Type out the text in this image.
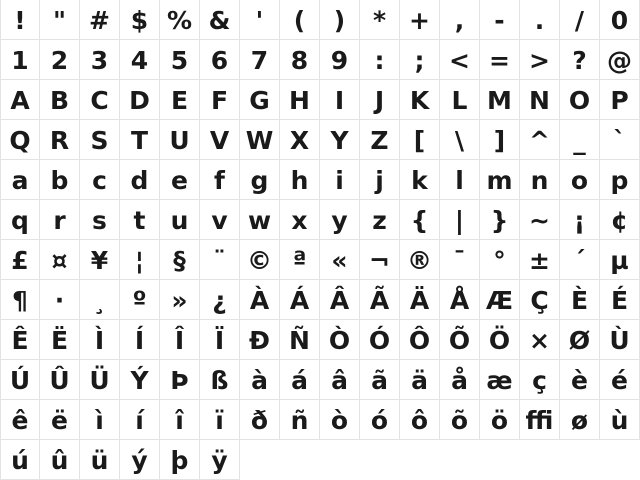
!	" # $ % &	'	(	)	* + ,	-	.	/	0
1 2 3 4 5 6 7 8 9	:	; < = > ? @
A B C D E F G H I	J	K L M N O P
Q R S T U V W X Y Z	[	\	] ^ _	`
a b c d e	f	g h	i	j	k	l m n o p
q r	s	t	u v w x y z {	|	} ~ ¡	¢
£ ¤ ¥	¦	§	¨ © ª « ¬ ® ¯	° ± ´ µ
¶	·	¸	º » ¿ À Á Â Ã Ä Å Æ Ç È É
Ê Ë	Ì	Í	Î	Ï Ð Ñ Ò Ó Ô Õ Ö × Ø Ù
Ú Û Ü Ý Þ ß à á â ã ä å æ ç è é
ê ë	ì	í	î	ï	ð ñ ò ó ô õ ö ﬃ ø ù
ú û ü ý þ ÿ
